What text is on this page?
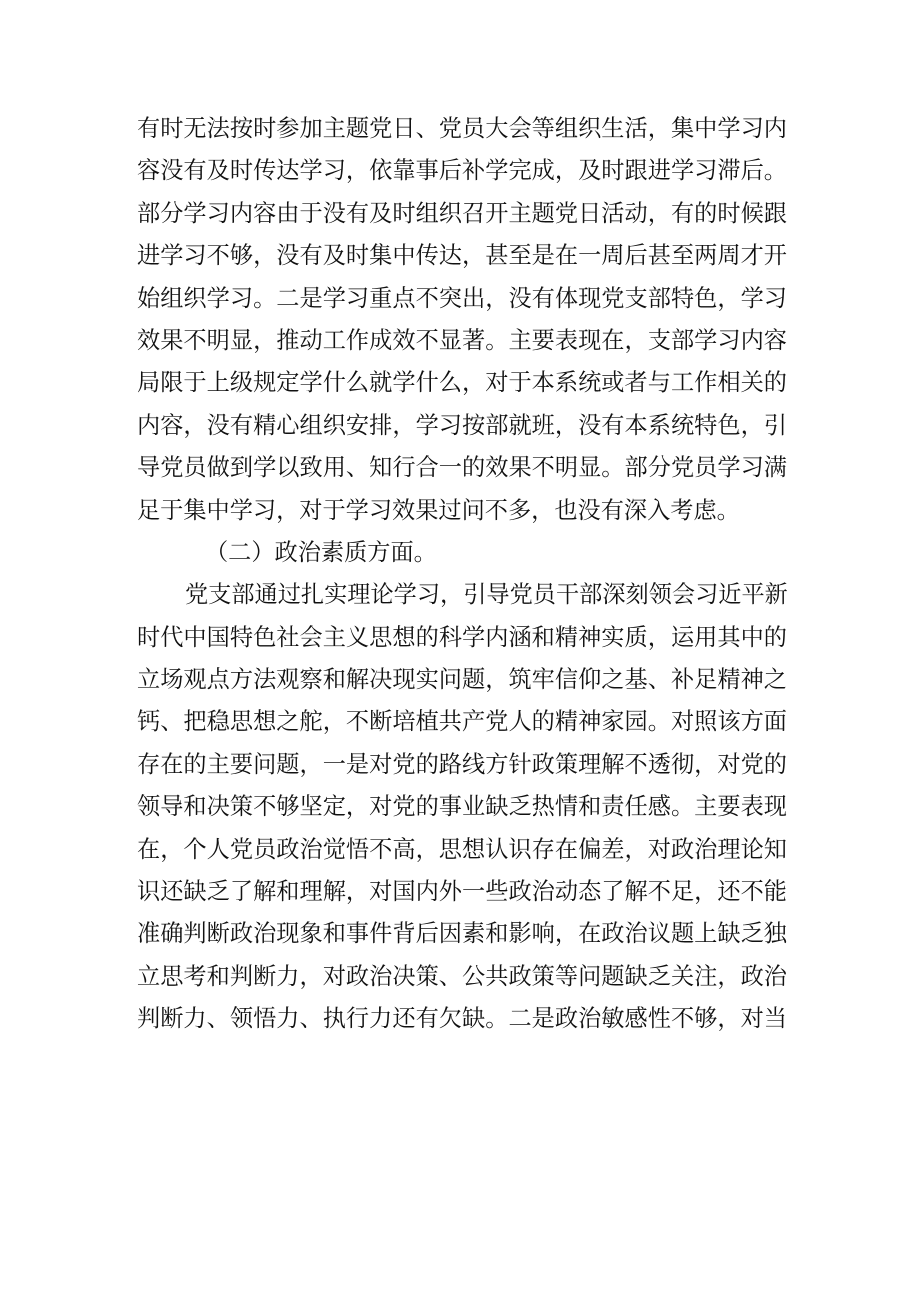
有时无法按时参加主题党日、党员大会等组织生活，集中学习内
容没有及时传达学习，依靠事后补学完成，及时跟进学习滞后。
部分学习内容由于没有及时组织召开主题党日活动，有的时候跟
进学习不够，没有及时集中传达，甚至是在一周后甚至两周才开
始组织学习。二是学习重点不突出，没有体现党支部特色，学习
效果不明显，推动工作成效不显著。主要表现在，支部学习内容
局限于上级规定学什么就学什么，对于本系统或者与工作相关的
内容，没有精心组织安排，学习按部就班，没有本系统特色，引
导党员做到学以致用、知行合一的效果不明显。部分党员学习满
足于集中学习，对于学习效果过问不多，也没有深入考虑。
（二）政治素质方面。
党支部通过扎实理论学习，引导党员干部深刻领会习近平新
时代中国特色社会主义思想的科学内涵和精神实质，运用其中的
立场观点方法观察和解决现实问题，筑牢信仰之基、补足精神之
钙、把稳思想之舵，不断培植共产党人的精神家园。对照该方面
存在的主要问题，一是对党的路线方针政策理解不透彻，对党的
领导和决策不够坚定，对党的事业缺乏热情和责任感。主要表现
在，个人党员政治觉悟不高，思想认识存在偏差，对政治理论知
识还缺乏了解和理解，对国内外一些政治动态了解不足，还不能
准确判断政治现象和事件背后因素和影响，在政治议题上缺乏独
立思考和判断力，对政治决策、公共政策等问题缺乏关注，政治
判断力、领悟力、执行力还有欠缺。二是政治敏感性不够，对当
